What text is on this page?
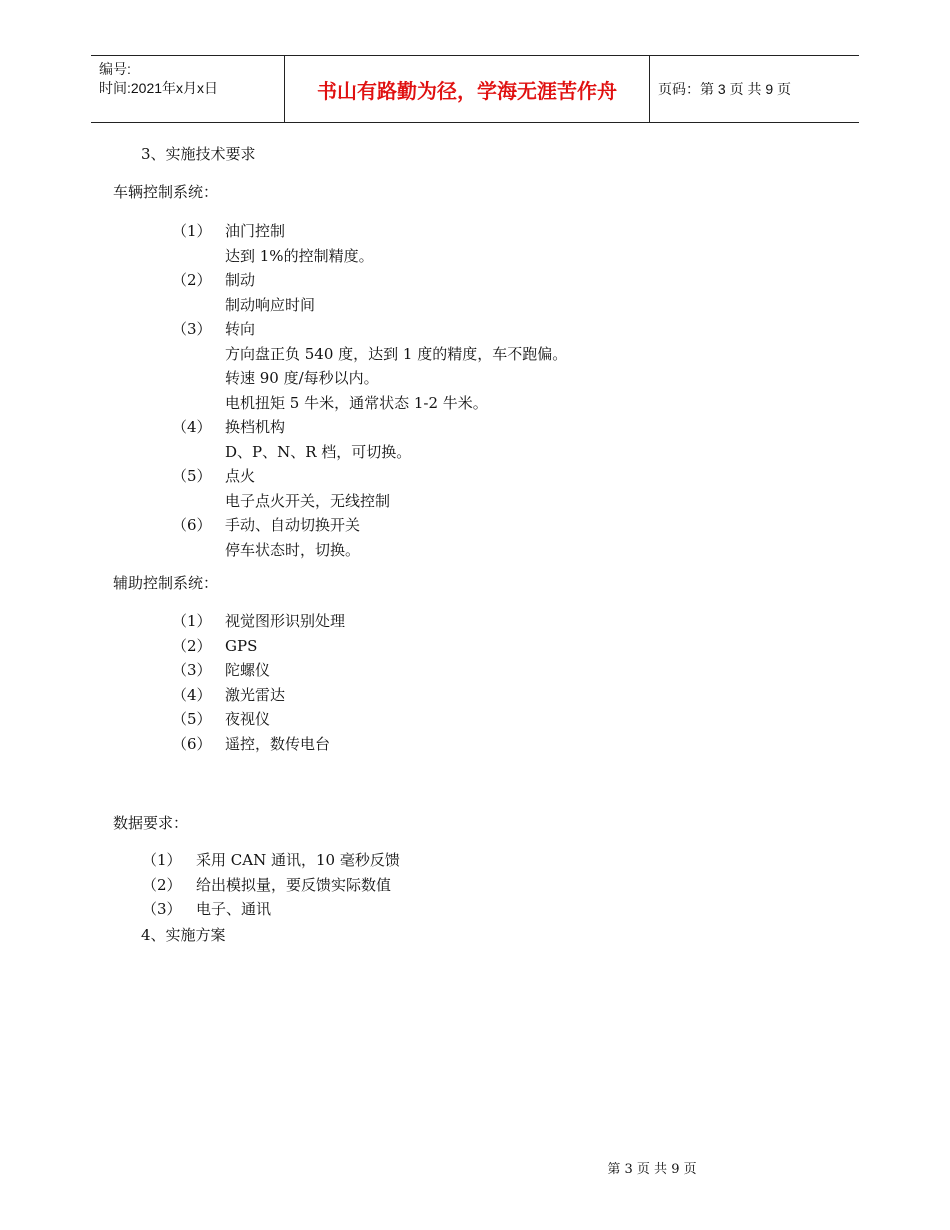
编号:
时间:2021年x月x日	书山有路勤为径，学海无涯苦作舟	页码：第 3 页 共 9 页
3、实施技术要求
车辆控制系统：
（1） 油门控制
达到 1%的控制精度。
（2） 制动
制动响应时间
（3） 转向
方向盘正负 540 度，达到 1 度的精度，车不跑偏。
转速 90 度/每秒以内。
电机扭矩 5 牛米，通常状态 1-2 牛米。
（4） 换档机构
D、P、N、R 档，可切换。
（5） 点火
电子点火开关，无线控制
（6） 手动、自动切换开关
停车状态时，切换。
辅助控制系统：
（1） 视觉图形识别处理
（2） GPS
（3） 陀螺仪
（4） 激光雷达
（5） 夜视仪
（6） 遥控，数传电台
数据要求：
（1） 采用 CAN 通讯，10 毫秒反馈
（2） 给出模拟量，要反馈实际数值
（3） 电子、通讯
4、实施方案
第 3 页 共 9 页
